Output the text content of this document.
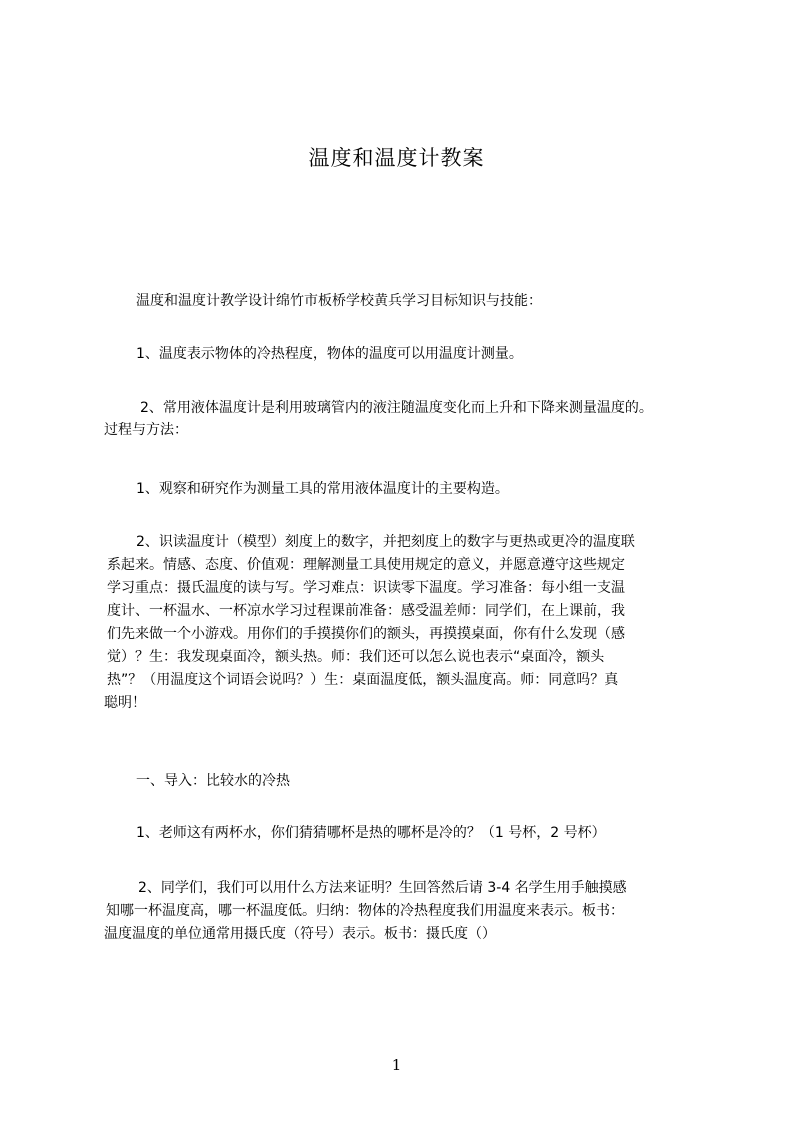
温度和温度计教案
温度和温度计教学设计绵竹市板桥学校黄兵学习目标知识与技能：
1、温度表示物体的冷热程度，物体的温度可以用温度计测量。
2、常用液体温度计是利用玻璃管内的液注随温度变化而上升和下降来测量温度的。
过程与方法：
1、观察和研究作为测量工具的常用液体温度计的主要构造。
2、识读温度计（模型）刻度上的数字，并把刻度上的数字与更热或更冷的温度联
系起来。情感、态度、价值观：理解测量工具使用规定的意义，并愿意遵守这些规定
学习重点：摄氏温度的读与写。学习难点：识读零下温度。学习准备：每小组一支温
度计、一杯温水、一杯凉水学习过程课前准备：感受温差师：同学们，在上课前，我
们先来做一个小游戏。用你们的手摸摸你们的额头，再摸摸桌面，你有什么发现（感
觉）？生：我发现桌面冷，额头热。师：我们还可以怎么说也表示“桌面冷，额头
热”？（用温度这个词语会说吗？）生：桌面温度低，额头温度高。师：同意吗？真
聪明！
一、导入：比较水的冷热
1、老师这有两杯水，你们猜猜哪杯是热的哪杯是冷的？（1 号杯，2 号杯）
2、同学们，我们可以用什么方法来证明？生回答然后请 3-4 名学生用手触摸感
知哪一杯温度高，哪一杯温度低。归纳：物体的冷热程度我们用温度来表示。板书：
温度温度的单位通常用摄氏度（符号）表示。板书：摄氏度（）
1
